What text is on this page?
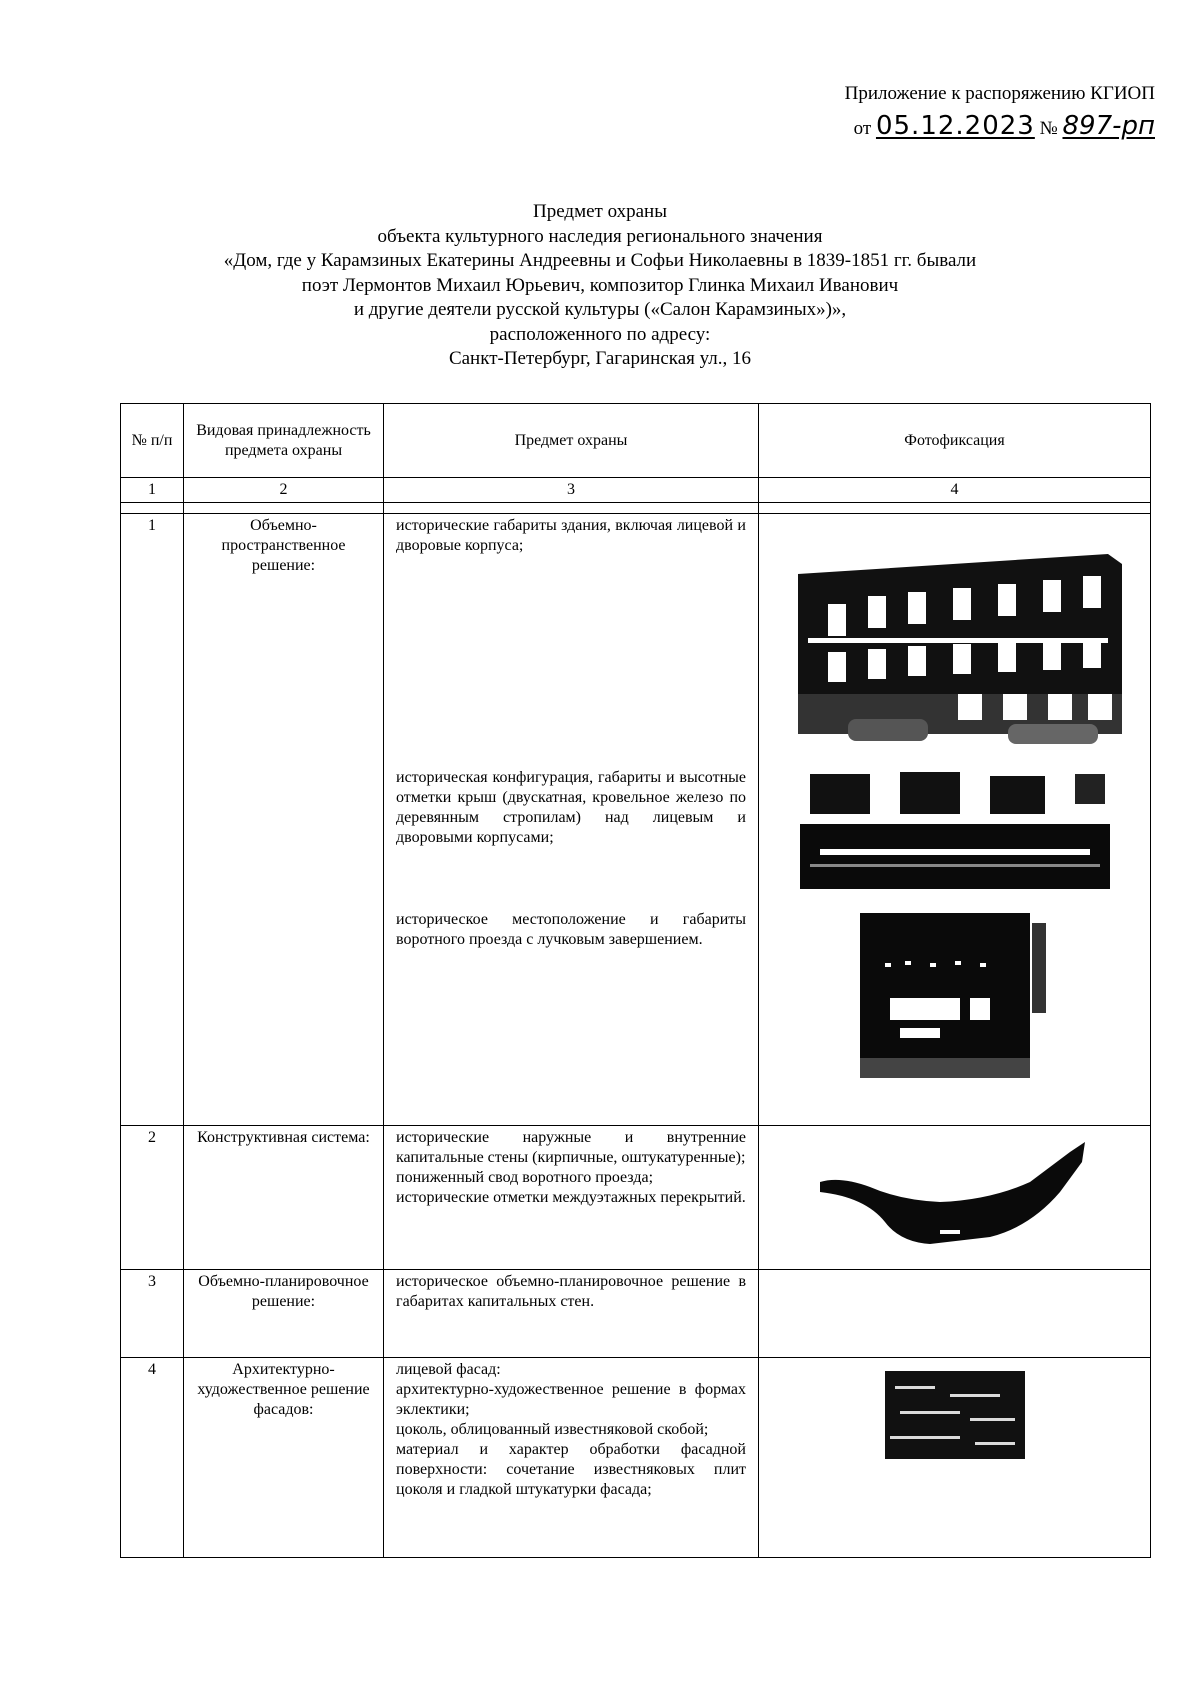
Приложение к распоряжению КГИОП
от 05.12.2023 № 897-рп
Предмет охраны
объекта культурного наследия регионального значения
«Дом, где у Карамзиных Екатерины Андреевны и Софьи Николаевны в 1839-1851 гг. бывали
поэт Лермонтов Михаил Юрьевич, композитор Глинка Михаил Иванович
и другие деятели русской культуры («Салон Карамзиных»)»,
расположенного по адресу:
Санкт-Петербург, Гагаринская ул., 16
№ п/п	Видовая принадлежность предмета охраны	Предмет охраны	Фотофиксация
1	2	3	4

1	Объемно-пространственное решение:	исторические габариты здания, включая лицевой и дворовые корпуса;
историческая конфигурация, габариты и высотные отметки крыш (двускатная, кровельное железо по деревянным стропилам) над лицевым и дворовыми корпусами;
историческое местоположение и габариты воротного проезда с лучковым завершением.

2	Конструктивная система:	исторические наружные и внутренние капитальные стены (кирпичные, оштукатуренные);
пониженный свод воротного проезда;
исторические отметки междуэтажных перекрытий.

3	Объемно-планировочное решение:	историческое объемно-планировочное решение в габаритах капитальных стен.	

4	Архитектурно-художественное решение фасадов:	лицевой фасад:
архитектурно-художественное решение в формах эклектики;
цоколь, облицованный известняковой скобой;
материал и характер обработки фасадной поверхности: сочетание известняковых плит цоколя и гладкой штукатурки фасада;
